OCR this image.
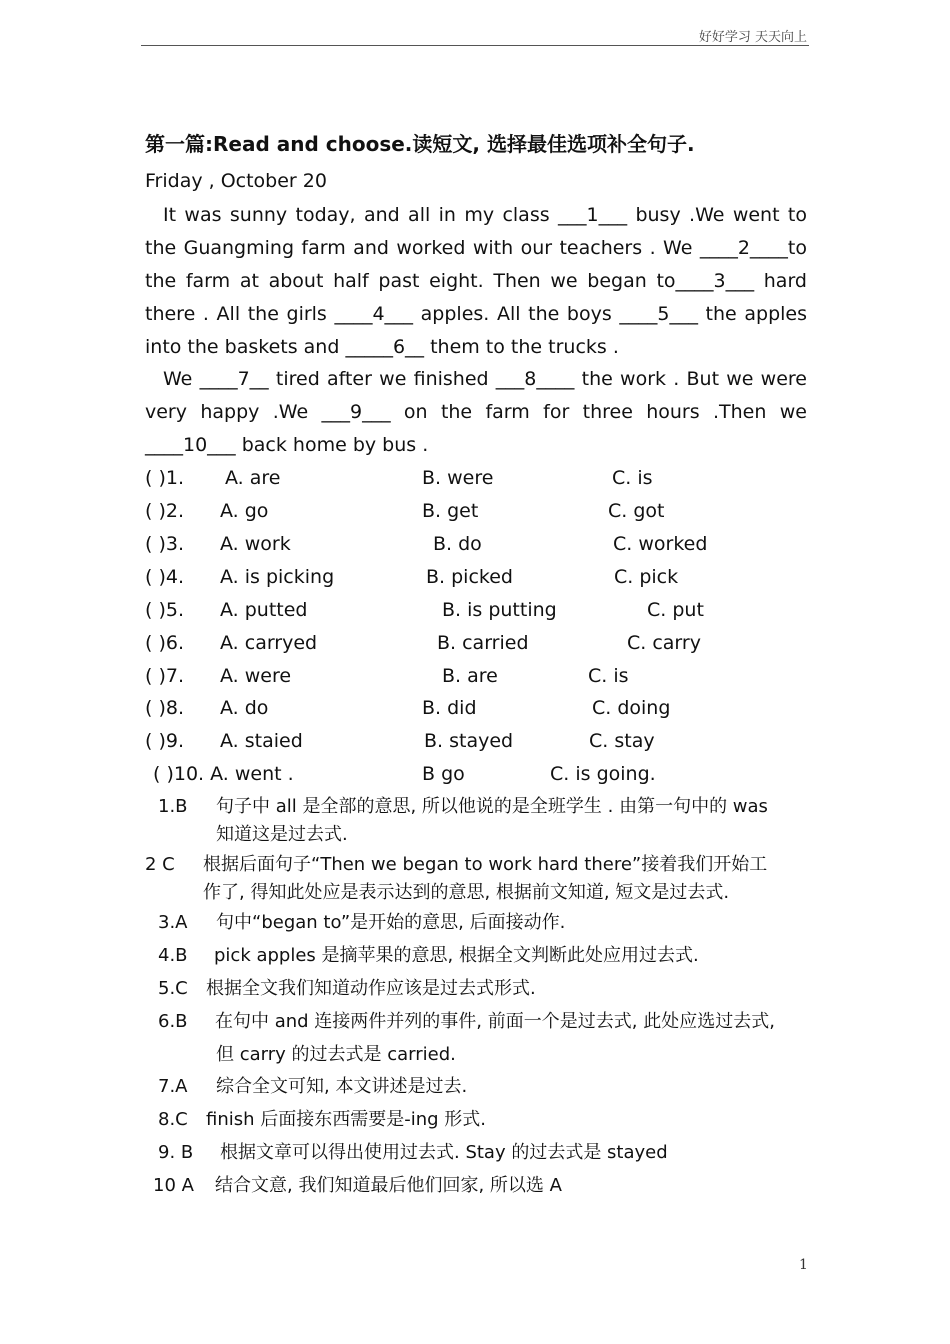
好好学习 天天向上
第一篇:Read and choose.读短文, 选择最佳选项补全句子.
Friday , October 20

It was sunny today, and all in my class ___1___ busy .We went to the Guangming farm and worked with our teachers . We ____2____to the farm at about half past eight. Then we began to____3___ hard there . All the girls ____4___ apples. All the boys ____5___ the apples into the baskets and _____6__ them to the trucks .

We ____7__ tired after we finished ___8____ the work . But we were very happy .We ___9___ on the farm for three hours .Then we ____10___ back home by bus .

( )1. A. are	B. were	C. is
( )2. A. go	B. get	C. got
( )3. A. work	B. do	C. worked
( )4. A. is picking	B. picked	C. pick
( )5. A. putted	B. is putting	C. put
( )6. A. carryed	B. carried	C. carry
( )7. A. were	B. are	C. is
( )8. A. do	B. did	C. doing
( )9. A. staied	B. stayed	C. stay
( )10. A. went .	B go	C. is going.
1.B 句子中 all 是全部的意思, 所以他说的是全班学生 . 由第一句中的 was
知道这是过去式.
2 C 根据后面句子“Then we began to work hard there”接着我们开始工
作了, 得知此处应是表示达到的意思, 根据前文知道, 短文是过去式.
3.A 句中“began to”是开始的意思, 后面接动作.
4.B pick apples 是摘苹果的意思, 根据全文判断此处应用过去式.
5.C 根据全文我们知道动作应该是过去式形式.
6.B 在句中 and 连接两件并列的事件, 前面一个是过去式, 此处应选过去式,
但 carry 的过去式是 carried.
7.A 综合全文可知, 本文讲述是过去.
8.C finish 后面接东西需要是-ing 形式.
9. B 根据文章可以得出使用过去式. Stay 的过去式是 stayed
10 A 结合文意, 我们知道最后他们回家, 所以选 A
1
